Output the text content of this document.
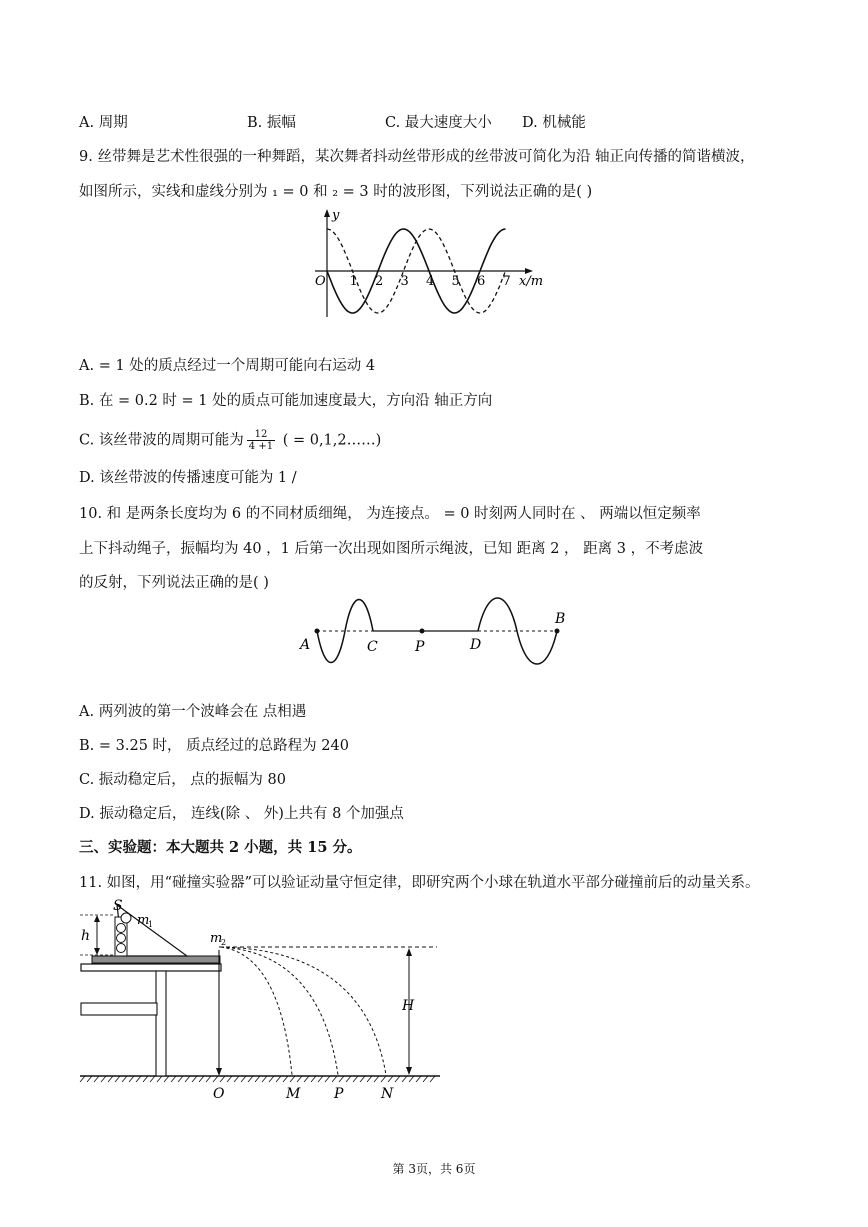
A. 周期	B. 振幅	C. 最大速度大小 D. 机械能
9. 丝带舞是艺术性很强的一种舞蹈，某次舞者抖动丝带形成的丝带波可简化为沿 轴正向传播的简谐横波，
如图所示，实线和虚线分别为 ₁ = 0 和 ₂ = 3 时的波形图，下列说法正确的是( )
y
O	x/m
1 2 3 4 5 6 7
A. = 1 处的质点经过一个周期可能向右运动 4
B. 在 = 0.2 时 = 1 处的质点可能加速度最大，方向沿 轴正方向
C. 该丝带波的周期可能为 $\frac{12}{4 +1}$ ( = 0,1,2……)
D. 该丝带波的传播速度可能为 1 /
10. 和 是两条长度均为 6 的不同材质细绳， 为连接点。 = 0 时刻两人同时在 、 两端以恒定频率
上下抖动绳子，振幅均为 40 ，1 后第一次出现如图所示绳波，已知 距离 2 ， 距离 3 ，不考虑波
的反射，下列说法正确的是( )
A	C	P	D
B
A. 两列波的第一个波峰会在 点相遇
B. = 3.25 时， 质点经过的总路程为 240
C. 振动稳定后， 点的振幅为 80
D. 振动稳定后， 连线(除 、 外)上共有 8 个加强点
三、实验题：本大题共 2 小题，共 15 分。
11. 如图，用“碰撞实验器”可以验证动量守恒定律，即研究两个小球在轨道水平部分碰撞前后的动量关系。
S
m
1
m
2
h
H
O	M P	N
第 3页，共 6页
